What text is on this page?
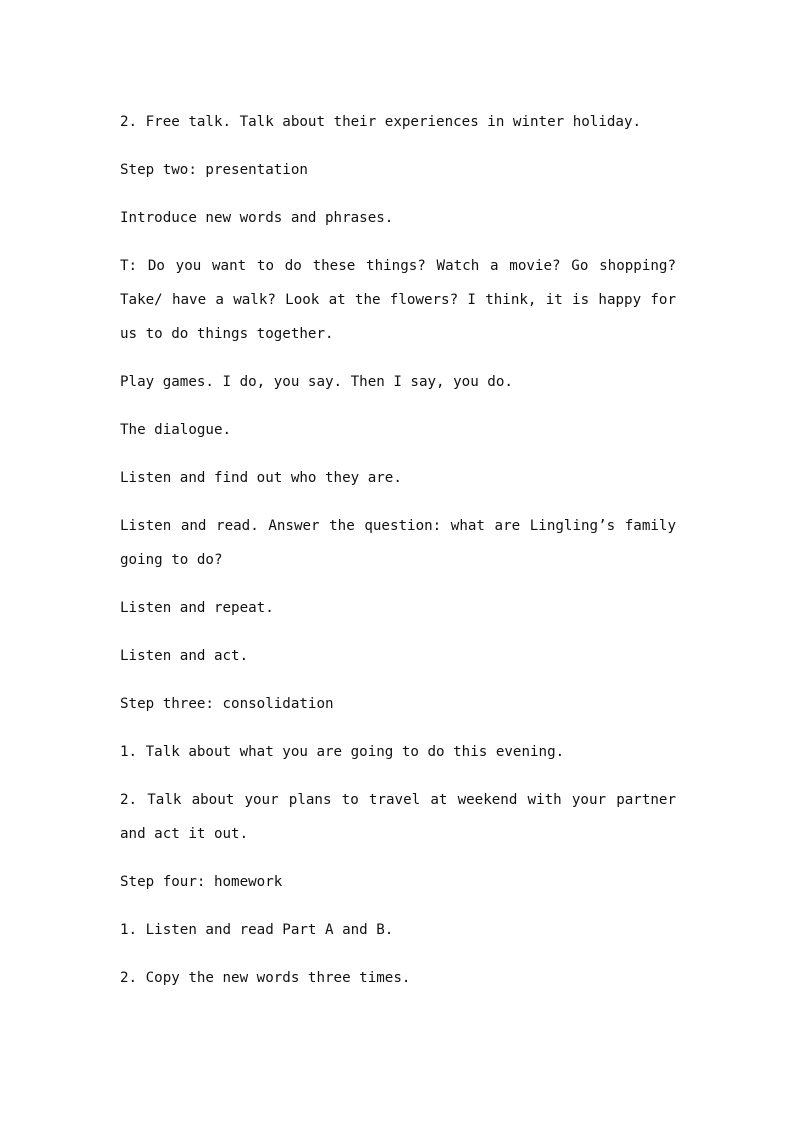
2. Free talk. Talk about their experiences in winter holiday.

Step two: presentation

Introduce new words and phrases.

T: Do you want to do these things? Watch a movie? Go shopping? Take/ have a walk? Look at the flowers? I think, it is happy for us to do things together.

Play games. I do, you say. Then I say, you do.

The dialogue.

Listen and find out who they are.

Listen and read. Answer the question: what are Lingling’s family going to do?

Listen and repeat.

Listen and act.

Step three: consolidation

1. Talk about what you are going to do this evening.

2. Talk about your plans to travel at weekend with your partner and act it out.

Step four: homework

1. Listen and read Part A and B.

2. Copy the new words three times.
